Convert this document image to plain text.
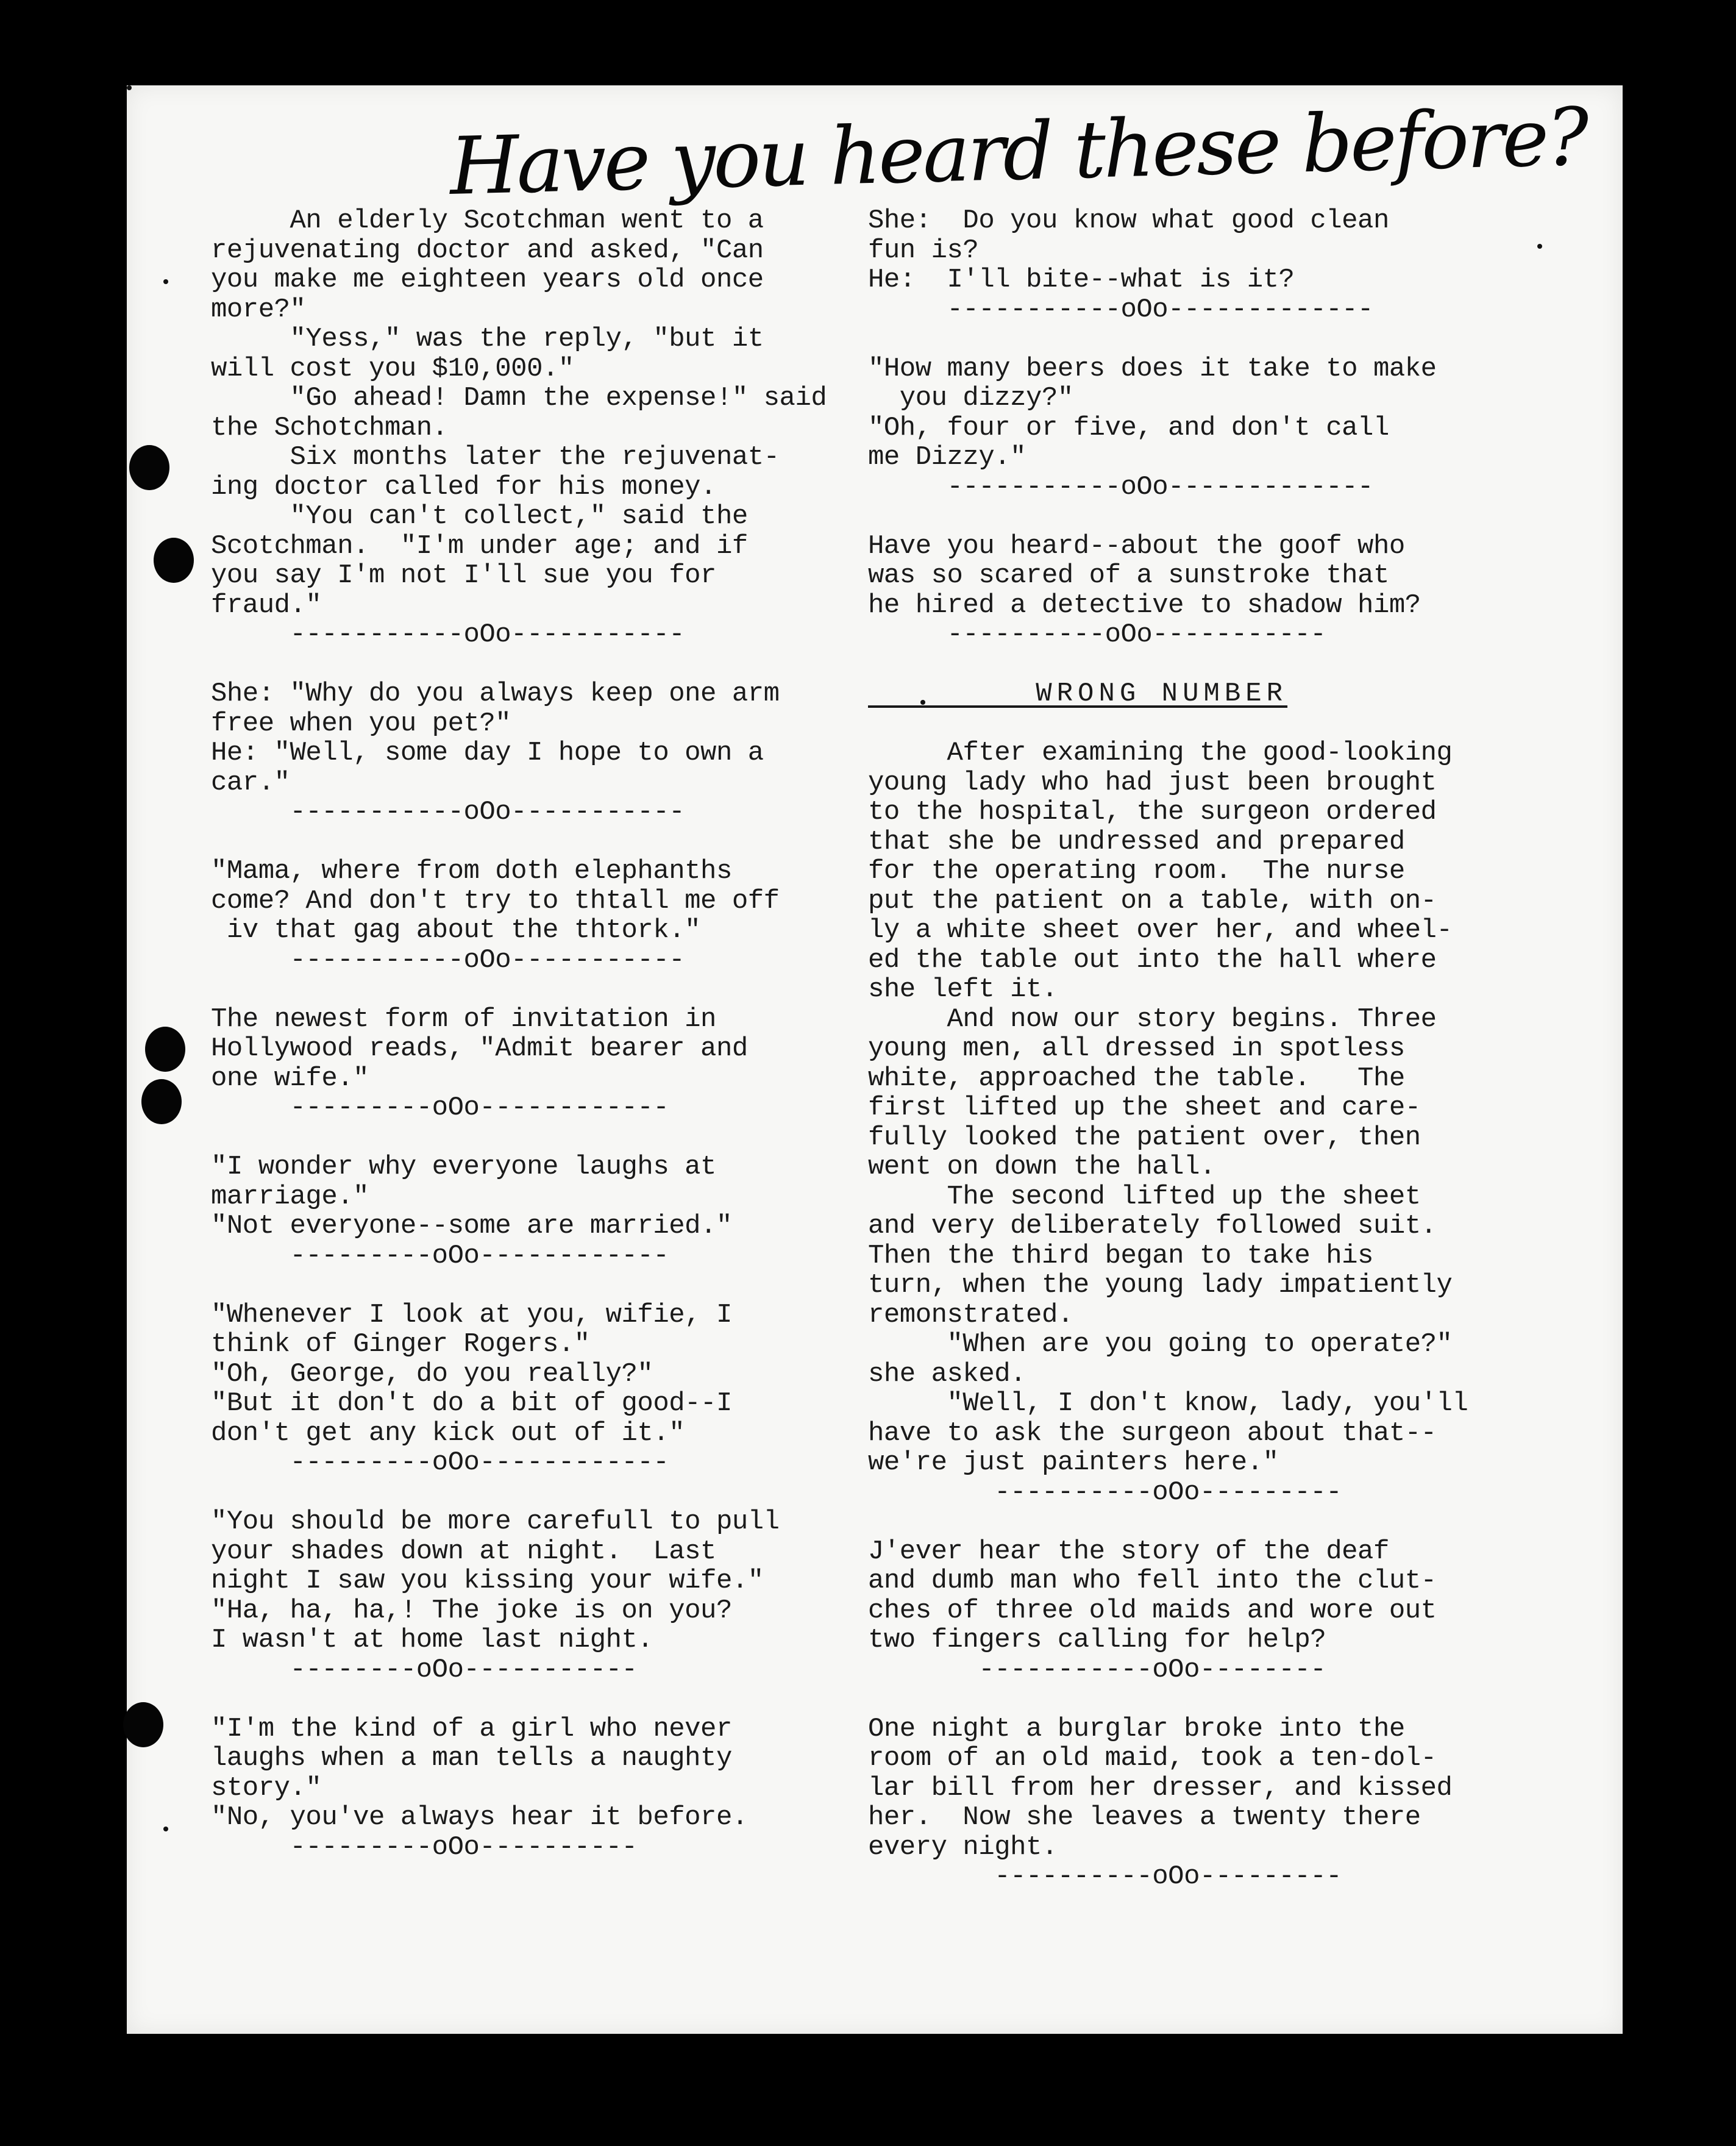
Have you heard these before?
An elderly Scotchman went to a
rejuvenating doctor and asked, "Can
you make me eighteen years old once
more?"
"Yess," was the reply, "but it
will cost you $10,000."
"Go ahead! Damn the expense!" said
the Schotchman.
Six months later the rejuvenat-
ing doctor called for his money.
"You can't collect," said the
Scotchman.  "I'm under age; and if
you say I'm not I'll sue you for
fraud."
-----------oOo-----------
She: "Why do you always keep one arm
free when you pet?"
He: "Well, some day I hope to own a
car."
-----------oOo-----------
"Mama, where from doth elephanths
come? And don't try to thtall me off
iv that gag about the thtork."
-----------oOo-----------
The newest form of invitation in
Hollywood reads, "Admit bearer and
one wife."
---------oOo------------
"I wonder why everyone laughs at
marriage."
"Not everyone--some are married."
---------oOo------------
"Whenever I look at you, wifie, I
think of Ginger Rogers."
"Oh, George, do you really?"
"But it don't do a bit of good--I
don't get any kick out of it."
---------oOo------------
"You should be more carefull to pull
your shades down at night.  Last
night I saw you kissing your wife."
"Ha, ha, ha,! The joke is on you?
I wasn't at home last night.
--------oOo-----------
"I'm the kind of a girl who never
laughs when a man tells a naughty
story."
"No, you've always hear it before.
---------oOo----------
She:  Do you know what good clean
fun is?
He:  I'll bite--what is it?
-----------oOo-------------
"How many beers does it take to make
you dizzy?"
"Oh, four or five, and don't call
me Dizzy."
-----------oOo-------------
Have you heard--about the goof who
was so scared of a sunstroke that
he hired a detective to shadow him?
----------oOo-----------
WRONG NUMBER
After examining the good-looking
young lady who had just been brought
to the hospital, the surgeon ordered
that she be undressed and prepared
for the operating room.  The nurse
put the patient on a table, with on-
ly a white sheet over her, and wheel-
ed the table out into the hall where
she left it.
And now our story begins. Three
young men, all dressed in spotless
white, approached the table.   The
first lifted up the sheet and care-
fully looked the patient over, then
went on down the hall.
The second lifted up the sheet
and very deliberately followed suit.
Then the third began to take his
turn, when the young lady impatiently
remonstrated.
"When are you going to operate?"
she asked.
"Well, I don't know, lady, you'll
have to ask the surgeon about that--
we're just painters here."
----------oOo---------
J'ever hear the story of the deaf
and dumb man who fell into the clut-
ches of three old maids and wore out
two fingers calling for help?
-----------oOo--------
One night a burglar broke into the
room of an old maid, took a ten-dol-
lar bill from her dresser, and kissed
her.  Now she leaves a twenty there
every night.
----------oOo---------
